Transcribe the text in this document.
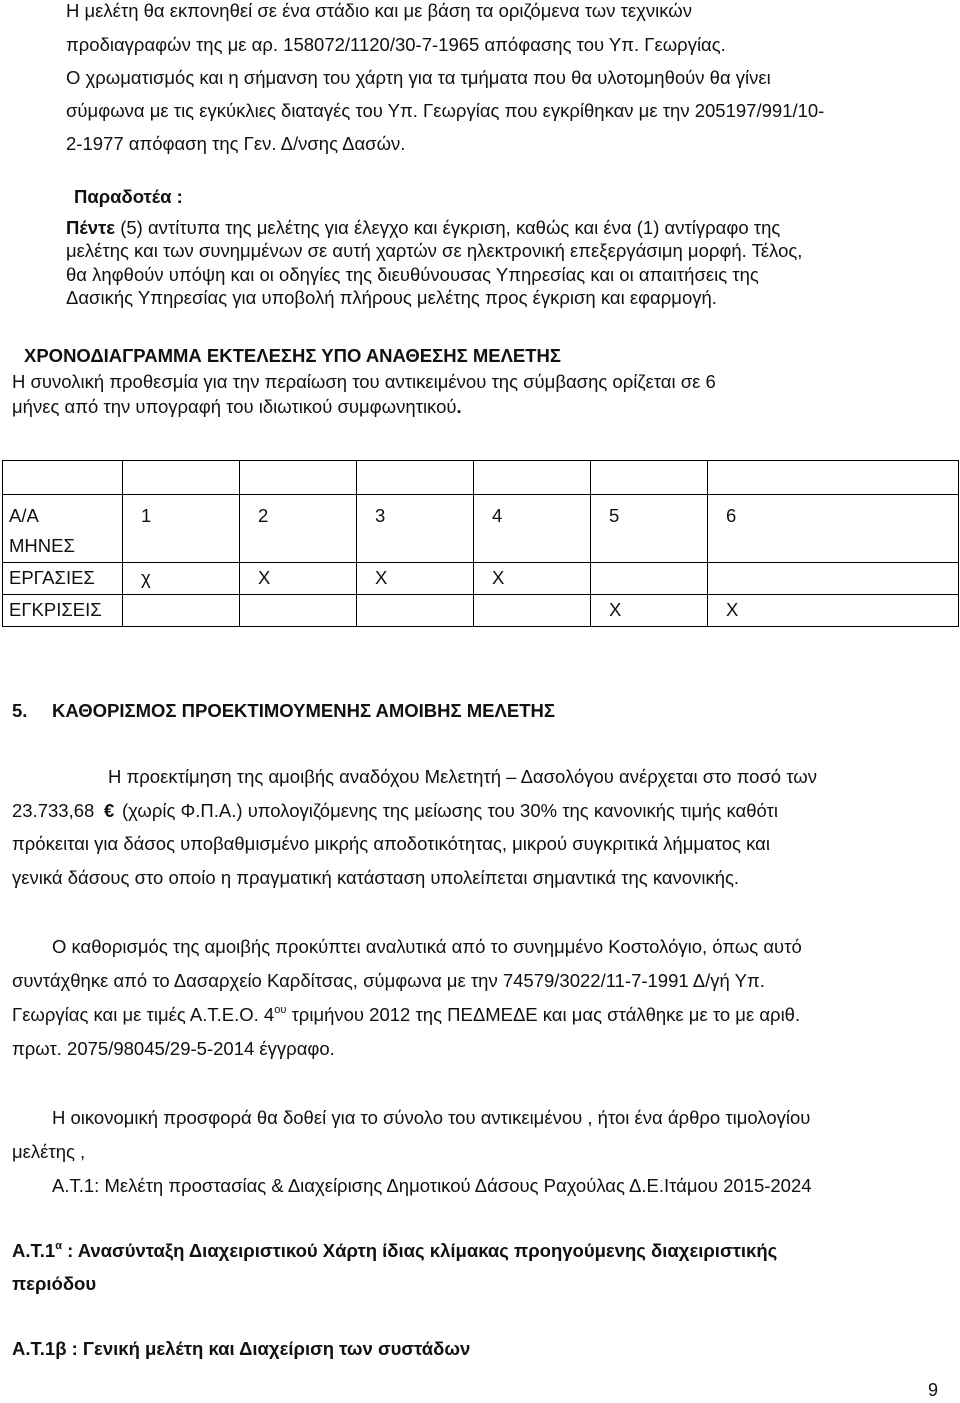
Η μελέτη θα εκπονηθεί σε ένα στάδιο και με βάση τα οριζόμενα των τεχνικών
προδιαγραφών της με αρ. 158072/1120/30-7-1965 απόφασης του Υπ. Γεωργίας.
Ο χρωματισμός και η σήμανση του χάρτη για τα τμήματα που θα υλοτομηθούν θα γίνει
σύμφωνα με τις εγκύκλιες διαταγές του Υπ. Γεωργίας που εγκρίθηκαν με την 205197/991/10-
2-1977 απόφαση της Γεν. Δ/νσης Δασών.
Παραδοτέα :
Πέντε (5) αντίτυπα της μελέτης για έλεγχο και έγκριση, καθώς και ένα (1) αντίγραφο της
μελέτης και των συνημμένων σε αυτή χαρτών σε ηλεκτρονική επεξεργάσιμη μορφή. Τέλος,
θα ληφθούν υπόψη και οι οδηγίες της διευθύνουσας Υπηρεσίας και οι απαιτήσεις της
Δασικής Υπηρεσίας για υποβολή πλήρους μελέτης προς έγκριση και εφαρμογή.
ΧΡΟΝΟΔΙΑΓΡΑΜΜΑ ΕΚΤΕΛΕΣΗΣ ΥΠΟ ΑΝΑΘΕΣΗΣ ΜΕΛΕΤΗΣ
Η συνολική προθεσμία για την περαίωση του αντικειμένου της σύμβασης ορίζεται σε 6
μήνες από την υπογραφή του ιδιωτικού συμφωνητικού.

Α/Α
ΜΗΝΕΣ	1	2	3	4	5	6
ΕΡΓΑΣΙΕΣ	χ	Χ	Χ	Χ		
ΕΓΚΡΙΣΕΙΣ					Χ	Χ
5. ΚΑΘΟΡΙΣΜΟΣ ΠΡΟΕΚΤΙΜΟΥΜΕΝΗΣ ΑΜΟΙΒΗΣ ΜΕΛΕΤΗΣ
Η προεκτίμηση της αμοιβής αναδόχου Μελετητή – Δασολόγου ανέρχεται στο ποσό των
23.733,68 € (χωρίς Φ.Π.Α.) υπολογιζόμενης της μείωσης του 30% της κανονικής τιμής καθότι
πρόκειται για δάσος υποβαθμισμένο μικρής αποδοτικότητας, μικρού συγκριτικά λήμματος και
γενικά δάσους στο οποίο η πραγματική κατάσταση υπολείπεται σημαντικά της κανονικής.
Ο καθορισμός της αμοιβής προκύπτει αναλυτικά από το συνημμένο Κοστολόγιο, όπως αυτό
συντάχθηκε από το Δασαρχείο Καρδίτσας, σύμφωνα με την 74579/3022/11-7-1991 Δ/γή Υπ.
Γεωργίας και με τιμές Α.Τ.Ε.Ο. $4^{o\upsilon}$ τριμήνου 2012 της ΠΕΔΜΕΔΕ και μας στάλθηκε με το με αριθ.
πρωτ. 2075/98045/29-5-2014 έγγραφο.
Η οικονομική προσφορά θα δοθεί για το σύνολο του αντικειμένου , ήτοι ένα άρθρο τιμολογίου
μελέτης ,
Α.Τ.1: Μελέτη προστασίας & Διαχείρισης Δημοτικού Δάσους Ραχούλας Δ.Ε.Ιτάμου 2015-2024
$A.T.1^\alpha$ : Ανασύνταξη Διαχειριστικού Χάρτη ίδιας κλίμακας προηγούμενης διαχειριστικής
περιόδου
Α.Τ.1β : Γενική μελέτη και Διαχείριση των συστάδων
9
